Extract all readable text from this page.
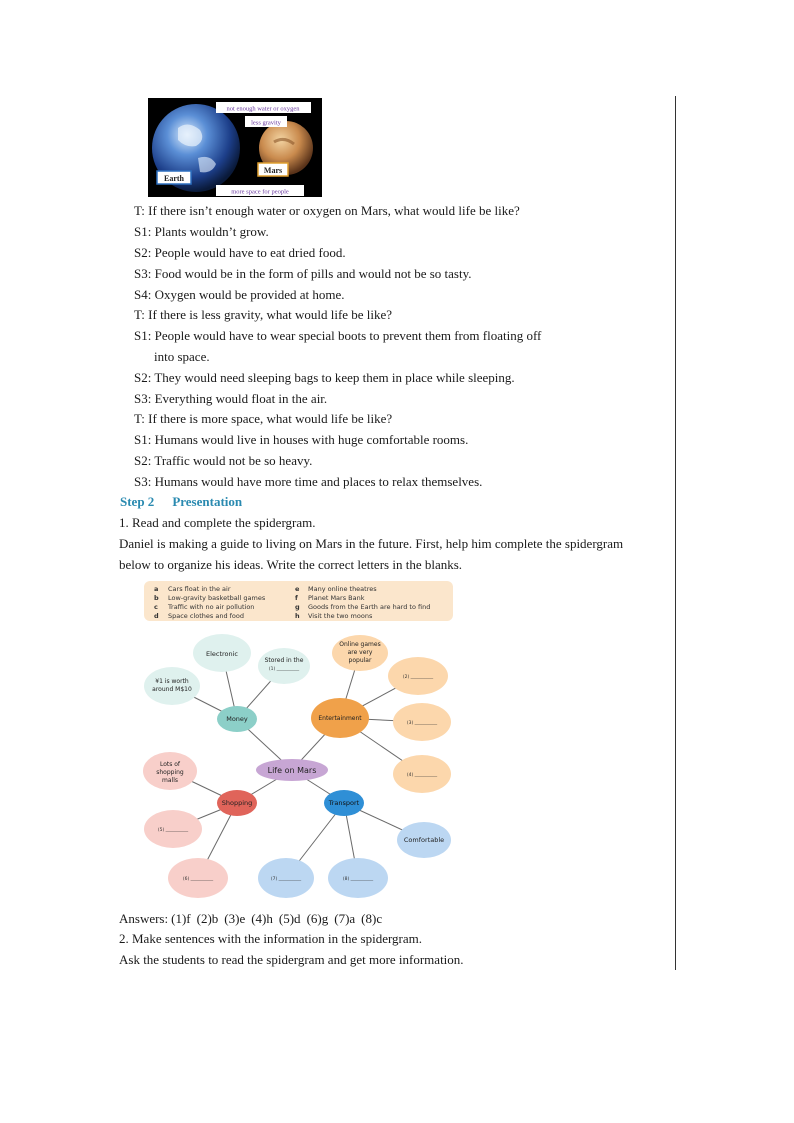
not enough water or oxygen
less gravity
Mars
Earth
more space for people
T: If there isn’t enough water or oxygen on Mars, what would life be like?
S1: Plants wouldn’t grow.
S2: People would have to eat dried food.
S3: Food would be in the form of pills and would not be so tasty.
S4: Oxygen would be provided at home.
T: If there is less gravity, what would life be like?
S1: People would have to wear special boots to prevent them from floating off
into space.
S2: They would need sleeping bags to keep them in place while sleeping.
S3: Everything would float in the air.
T: If there is more space, what would life be like?
S1: Humans would live in houses with huge comfortable rooms.
S2: Traffic would not be so heavy.
S3: Humans would have more time and places to relax themselves.
Step 2 Presentation
1. Read and complete the spidergram.
Daniel is making a guide to living on Mars in the future. First, help him complete the spidergram
below to organize his ideas. Write the correct letters in the blanks.
a Cars float in the air
b Low-gravity basketball games
c Traffic with no air pollution
d Space clothes and food
e Many online theatres
f Planet Mars Bank
g Goods from the Earth are hard to find
h Visit the two moons
Life on Mars
Money
Electronic
Stored in the
(1) __________
¥1 is worth
around M$10
Entertainment
Online games
are very
popular
(2) __________
(3) __________
(4) __________
Shopping
Lots of
shopping
malls
(5) __________
(6) __________
Transport
Comfortable
(7) __________	(8) __________
Answers: (1)f (2)b (3)e (4)h (5)d (6)g (7)a (8)c
2. Make sentences with the information in the spidergram.
Ask the students to read the spidergram and get more information.
